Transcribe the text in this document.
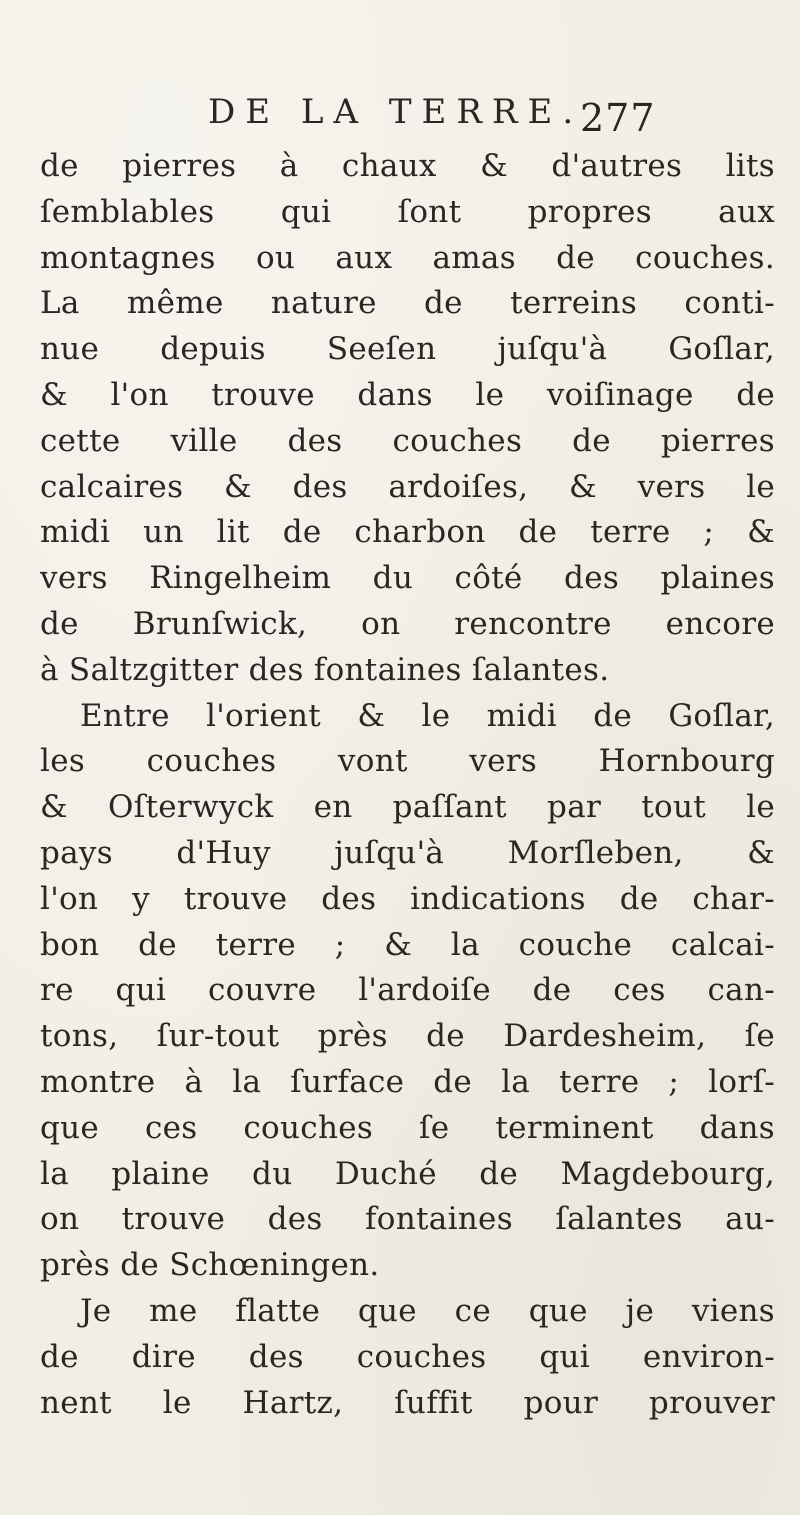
DE LA TERRE.
277
de pierres à chaux & d'autres lits
ſemblables qui ſont propres aux
montagnes ou aux amas de couches.
La même nature de terreins conti-
nue depuis Seeſen juſqu'à Goſlar,
& l'on trouve dans le voiſinage de
cette ville des couches de pierres
calcaires & des ardoiſes, & vers le
midi un lit de charbon de terre ; &
vers Ringelheim du côté des plaines
de Brunſwick, on rencontre encore
à Saltzgitter des fontaines ſalantes.
Entre l'orient & le midi de Goſlar,
les couches vont vers Hornbourg
& Oſterwyck en paſſant par tout le
pays d'Huy juſqu'à Morſleben, &
l'on y trouve des indications de char-
bon de terre ; & la couche calcai-
re qui couvre l'ardoiſe de ces can-
tons, ſur-tout près de Dardesheim, ſe
montre à la ſurface de la terre ; lorſ-
que ces couches ſe terminent dans
la plaine du Duché de Magdebourg,
on trouve des fontaines ſalantes au-
près de Schœningen.
Je me flatte que ce que je viens
de dire des couches qui environ-
nent le Hartz, ſuffit pour prouver
